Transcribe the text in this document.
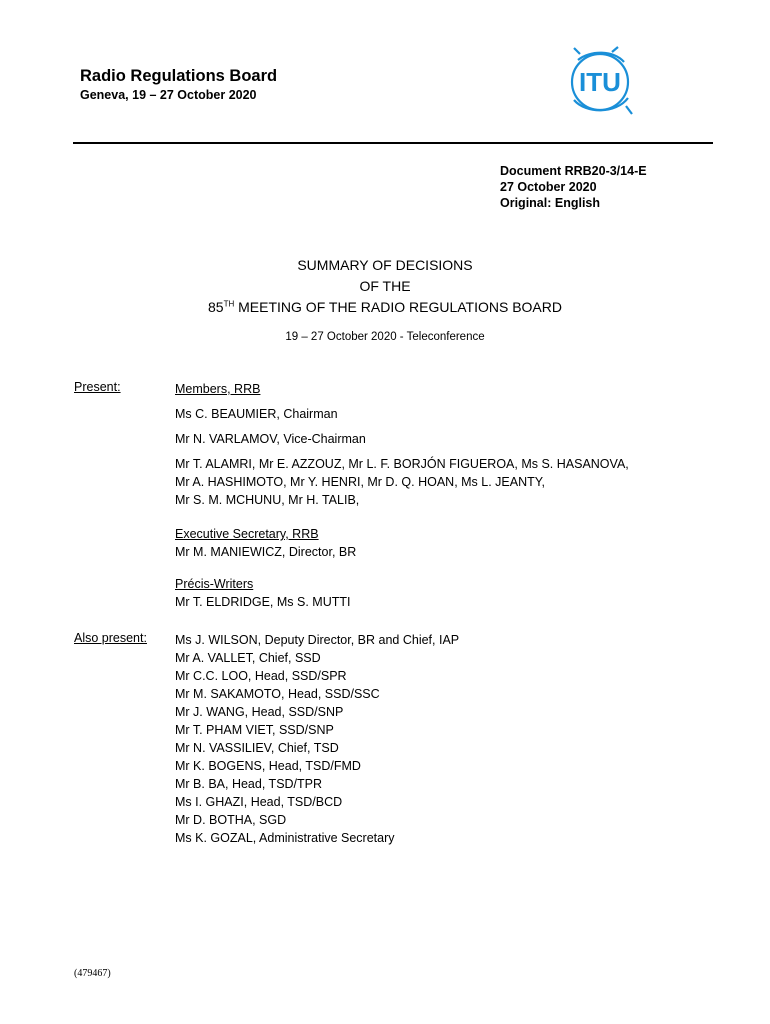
Radio Regulations Board
Geneva, 19 – 27 October 2020	ITU
Document RRB20-3/14-E
27 October 2020
Original: English
SUMMARY OF DECISIONS
OF THE
85TH MEETING OF THE RADIO REGULATIONS BOARD
19 – 27 October 2020 - Teleconference
Present:	Members, RRB
Ms C. BEAUMIER, Chairman
Mr N. VARLAMOV, Vice-Chairman
Mr T. ALAMRI, Mr E. AZZOUZ, Mr L. F. BORJÓN FIGUEROA, Ms S. HASANOVA,
Mr A. HASHIMOTO, Mr Y. HENRI, Mr D. Q. HOAN, Ms L. JEANTY,
Mr S. M. MCHUNU, Mr H. TALIB,
Executive Secretary, RRB
Mr M. MANIEWICZ, Director, BR
Précis-Writers
Mr T. ELDRIDGE, Ms S. MUTTI
Also present: Ms J. WILSON, Deputy Director, BR and Chief, IAP
Mr A. VALLET, Chief, SSD
Mr C.C. LOO, Head, SSD/SPR
Mr M. SAKAMOTO, Head, SSD/SSC
Mr J. WANG, Head, SSD/SNP
Mr T. PHAM VIET, SSD/SNP
Mr N. VASSILIEV, Chief, TSD
Mr K. BOGENS, Head, TSD/FMD
Mr B. BA, Head, TSD/TPR
Ms I. GHAZI, Head, TSD/BCD
Mr D. BOTHA, SGD
Ms K. GOZAL, Administrative Secretary
(479467)
